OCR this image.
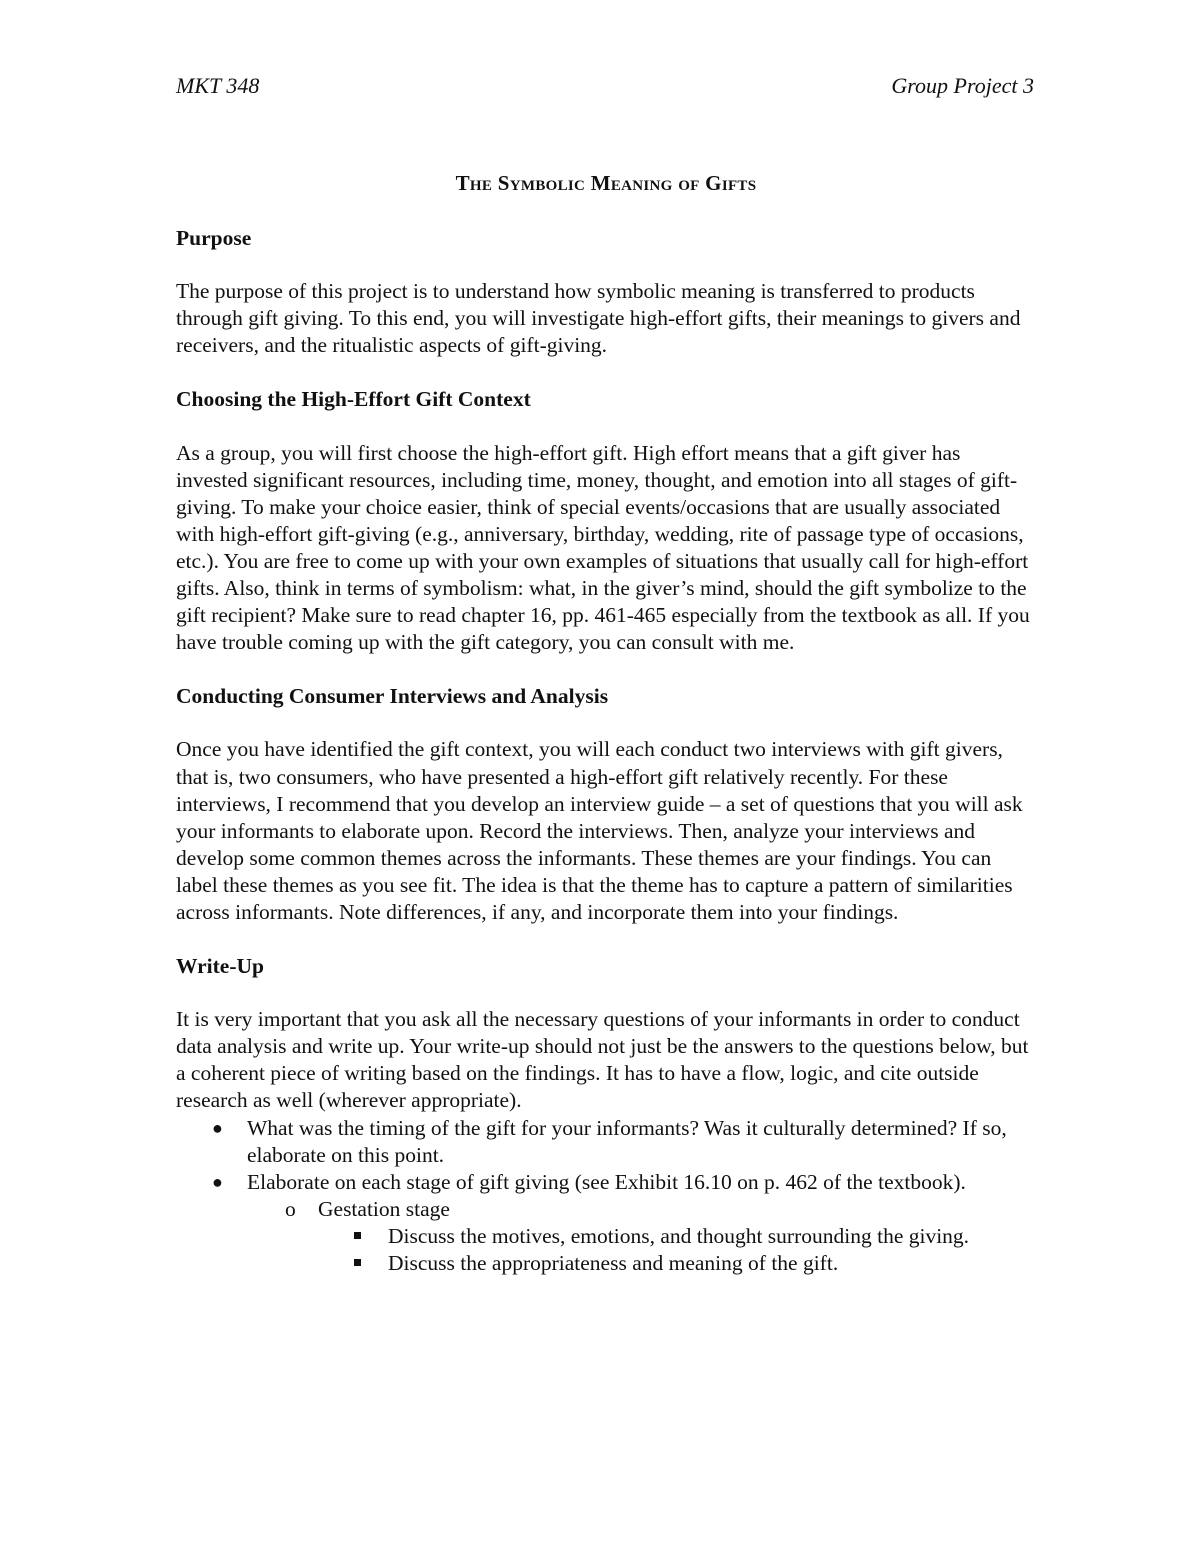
MKT 348	Group Project 3
The Symbolic Meaning of Gifts
Purpose

The purpose of this project is to understand how symbolic meaning is transferred to products through gift giving. To this end, you will investigate high-effort gifts, their meanings to givers and receivers, and the ritualistic aspects of gift-giving.

Choosing the High-Effort Gift Context

As a group, you will first choose the high-effort gift. High effort means that a gift giver has invested significant resources, including time, money, thought, and emotion into all stages of gift-giving. To make your choice easier, think of special events/occasions that are usually associated with high-effort gift-giving (e.g., anniversary, birthday, wedding, rite of passage type of occasions, etc.). You are free to come up with your own examples of situations that usually call for high-effort gifts. Also, think in terms of symbolism: what, in the giver’s mind, should the gift symbolize to the gift recipient? Make sure to read chapter 16, pp. 461-465 especially from the textbook as all. If you have trouble coming up with the gift category, you can consult with me.

Conducting Consumer Interviews and Analysis

Once you have identified the gift context, you will each conduct two interviews with gift givers, that is, two consumers, who have presented a high-effort gift relatively recently. For these interviews, I recommend that you develop an interview guide – a set of questions that you will ask your informants to elaborate upon. Record the interviews. Then, analyze your interviews and develop some common themes across the informants. These themes are your findings. You can label these themes as you see fit. The idea is that the theme has to capture a pattern of similarities across informants. Note differences, if any, and incorporate them into your findings.

Write-Up

It is very important that you ask all the necessary questions of your informants in order to conduct data analysis and write up. Your write-up should not just be the answers to the questions below, but a coherent piece of writing based on the findings. It has to have a flow, logic, and cite outside research as well (wherever appropriate).

● What was the timing of the gift for your informants? Was it culturally determined? If so, elaborate on this point.
● Elaborate on each stage of gift giving (see Exhibit 16.10 on p. 462 of the textbook).
o Gestation stage
Discuss the motives, emotions, and thought surrounding the giving.
Discuss the appropriateness and meaning of the gift.
